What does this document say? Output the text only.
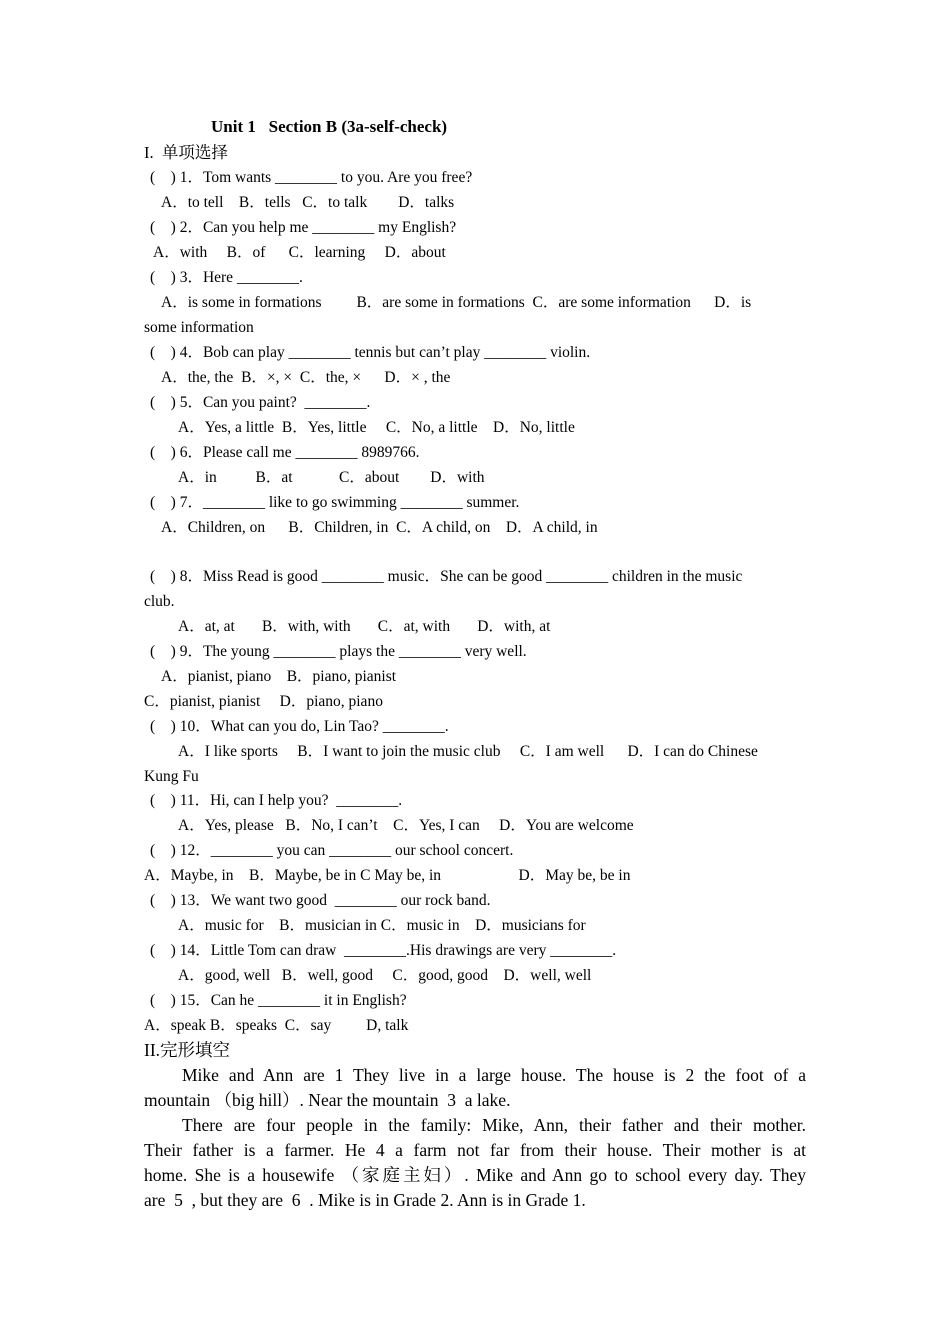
Unit 1   Section B (3a-self-check)
I.  单项选择
(    ) 1．Tom wants ________ to you. Are you free?
A．to tell    B．tells   C．to talk        D．talks
(    ) 2．Can you help me ________ my English?
A．with     B．of      C．learning     D．about
(    ) 3．Here ________.
A．is some in formations         B．are some in formations  C．are some information      D．is
some information
(    ) 4．Bob can play ________ tennis but can’t play ________ violin.
A．the, the  B．×, ×  C．the, ×      D．× , the
(    ) 5．Can you paint?  ________.
A．Yes, a little  B．Yes, little     C．No, a little    D．No, little
(    ) 6．Please call me ________ 8989766.
A．in          B．at            C．about        D．with
(    ) 7．________ like to go swimming ________ summer.
A．Children, on      B．Children, in  C．A child, on    D．A child, in
(    ) 8．Miss Read is good ________ music．She can be good ________ children in the music
club.
A．at, at       B．with, with       C．at, with       D．with, at
(    ) 9．The young ________ plays the ________ very well.
A．pianist, piano    B．piano, pianist
C．pianist, pianist     D．piano, piano
(    ) 10．What can you do, Lin Tao? ________.
A．I like sports     B．I want to join the music club     C．I am well      D．I can do Chinese
Kung Fu
(    ) 11．Hi, can I help you?  ________.
A．Yes, please   B．No, I can’t    C．Yes, I can     D．You are welcome
(    ) 12．________ you can ________ our school concert.
A．Maybe, in    B．Maybe, be in C May be, in                    D．May be, be in
(    ) 13．We want two good  ________ our rock band.
A．music for    B．musician in C．music in    D．musicians for
(    ) 14．Little Tom can draw  ________.His drawings are very ________.
A．good, well   B．well, good     C．good, good    D．well, well
(    ) 15．Can he ________ it in English?
A．speak B．speaks  C．say         D, talk
II.完形填空
Mike and Ann are 1 They live in a large house. The house is 2 the foot of a
mountain （big hill）. Near the mountain  3  a lake.
There are four people in the family: Mike, Ann, their father and their mother.
Their father is a farmer. He 4 a farm not far from their house. Their mother is at
home. She is a housewife （家庭主妇）. Mike and Ann go to school every day. They
are  5  , but they are  6  . Mike is in Grade 2. Ann is in Grade 1.
